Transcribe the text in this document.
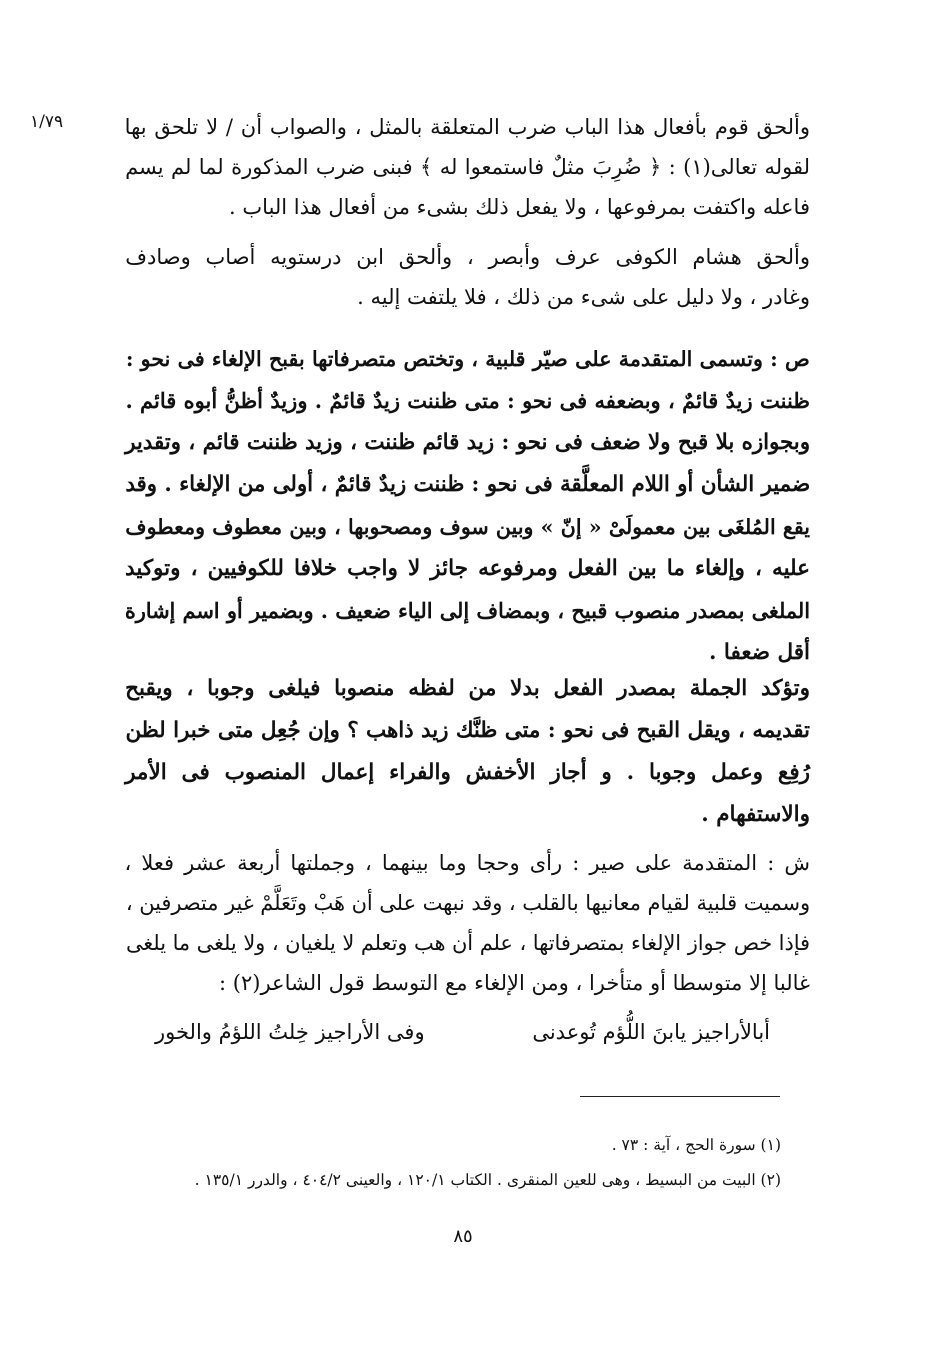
١/٧٩	وألحق قوم بأفعال هذا الباب ضرب المتعلقة بالمثل ، والصواب أن / لا تلحق بها
لقوله تعالى(١) : ﴿ ضُرِبَ مثلٌ فاستمعوا له ﴾ فبنى ضرب المذكورة لما لم يسم
فاعله واكتفت بمرفوعها ، ولا يفعل ذلك بشىء من أفعال هذا الباب .
وألحق هشام الكوفى عرف وأبصر ، وألحق ابن درستويه أصاب وصادف
وغادر ، ولا دليل على شىء من ذلك ، فلا يلتفت إليه .
ص : وتسمى المتقدمة على صيّر قلبية ، وتختص متصرفاتها بقبح الإلغاء فى نحو :
ظننت زيدٌ قائمٌ ، وبضعفه فى نحو : متى ظننت زيدٌ قائمٌ . وزيدٌ أظنُّ أبوه قائم .
وبجوازه بلا قبح ولا ضعف فى نحو : زيد قائم ظننت ، وزيد ظننت قائم ، وتقدير
ضمير الشأن أو اللام المعلَّقة فى نحو : ظننت زيدٌ قائمٌ ، أولى من الإلغاء . وقد
يقع المُلغَى بين معمولَىْ « إنّ » وبين سوف ومصحوبها ، وبين معطوف ومعطوف
عليه ، وإلغاء ما بين الفعل ومرفوعه جائز لا واجب خلافا للكوفيين ، وتوكيد
الملغى بمصدر منصوب قبيح ، وبمضاف إلى الياء ضعيف . وبضمير أو اسم إشارة
أقل ضعفا .
وتؤكد الجملة بمصدر الفعل بدلا من لفظه منصوبا فيلغى وجوبا ، ويقبح
تقديمه ، ويقل القبح فى نحو : متى ظنَّك زيد ذاهب ؟ وإن جُعِل متى خبرا لظن
رُفِع وعمل وجوبا . و أجاز الأخفش والفراء إعمال المنصوب فى الأمر
والاستفهام .
ش : المتقدمة على صير : رأى وحجا وما بينهما ، وجملتها أربعة عشر فعلا ،
وسميت قلبية لقيام معانيها بالقلب ، وقد نبهت على أن هَبْ وتَعَلَّمْ غير متصرفين ،
فإذا خص جواز الإلغاء بمتصرفاتها ، علم أن هب وتعلم لا يلغيان ، ولا يلغى ما يلغى
غالبا إلا متوسطا أو متأخرا ، ومن الإلغاء مع التوسط قول الشاعر(٢) :
أبالأراجيز يابنَ اللُّؤم تُوعدنى
وفى الأراجيز خِلتُ اللؤمُ والخور
(١) سورة الحج ، آية : ٧٣ .
(٢) البيت من البسيط ، وهى للعين المنقرى . الكتاب ١٢٠/١ ، والعينى ٤٠٤/٢ ، والدرر ١٣٥/١ .
٨٥
